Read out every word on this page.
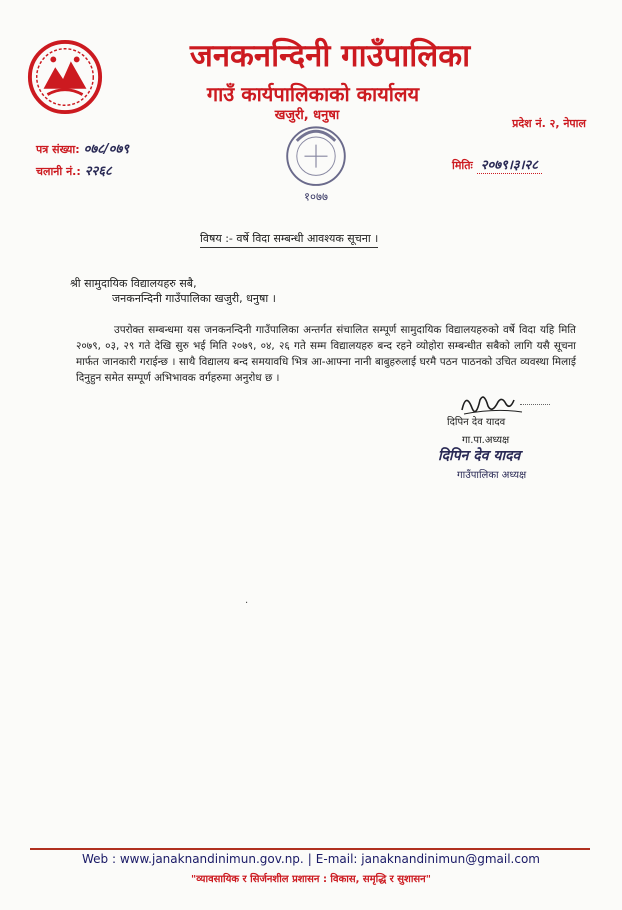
जनकनन्दिनी गाउँपालिका
गाउँ कार्यपालिकाको कार्यालय
खजुरी, धनुषा
प्रदेश नं. २, नेपाल
१०७७
पत्र संख्या: ०७८/०७९
चलानी नं.: २२६८	मितिः २०७९।३।२८
विषय :- वर्षे विदा सम्बन्धी आवश्यक सूचना ।
श्री सामुदायिक विद्यालयहरु सबै,
जनकनन्दिनी गाउँपालिका खजुरी, धनुषा ।
उपरोक्त सम्बन्धमा यस जनकनन्दिनी गाउँपालिका अन्तर्गत संचालित सम्पूर्ण सामुदायिक विद्यालयहरुको वर्षे विदा यहि मिति २०७९, ०३, २९ गते देखि सुरु भई मिति २०७९, ०४, २६ गते सम्म विद्यालयहरु बन्द रहने व्योहोरा सम्बन्धीत सबैको लागि यसै सूचना मार्फत जानकारी गराईन्छ । साथै विद्यालय बन्द समयावधि भित्र आ-आफ्ना नानी बाबुहरुलाई घरमै पठन पाठनको उचित व्यवस्था मिलाई दिनुहुन समेत सम्पूर्ण अभिभावक वर्गहरुमा अनुरोध छ ।
दिपिन देव यादव
गा.पा.अध्यक्ष
दिपिन देव यादव
गाउँपालिका अध्यक्ष
·
Web : www.janaknandinimun.gov.np. | E-mail: janaknandinimun@gmail.com
"व्यावसायिक र सिर्जनशील प्रशासन : विकास, समृद्धि र सुशासन"
